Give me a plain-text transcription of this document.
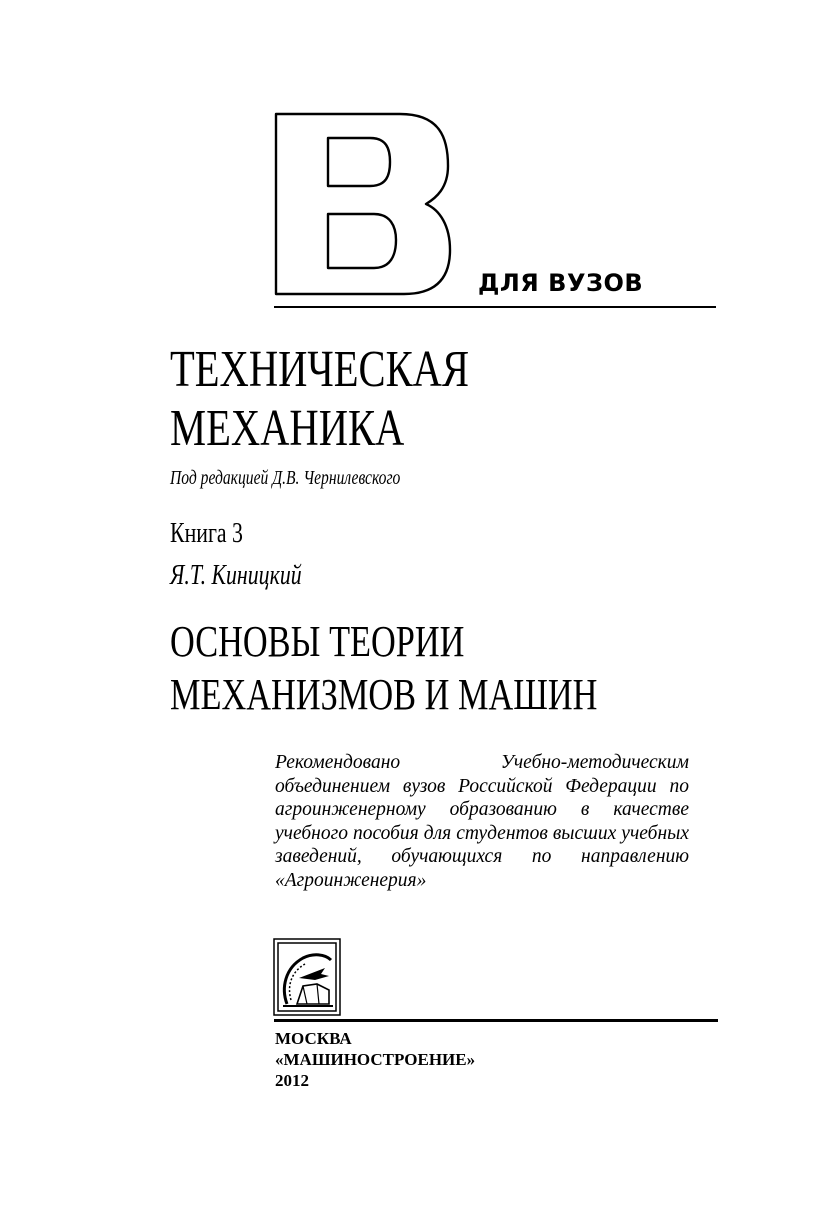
ДЛЯ ВУЗОВ
ТЕХНИЧЕСКАЯ
МЕХАНИКА
Под редакцией Д.В. Чернилевского
Книга 3
Я.Т. Киницкий
ОСНОВЫ ТЕОРИИ
МЕХАНИЗМОВ И МАШИН
Рекомендовано Учебно-методическим объединением вузов Российской Федерации по агроинженерному образованию в качестве учебного пособия для студентов высших учебных заведений, обучающихся по направлению «Агроинженерия»
МОСКВА
«МАШИНОСТРОЕНИЕ»
2012
